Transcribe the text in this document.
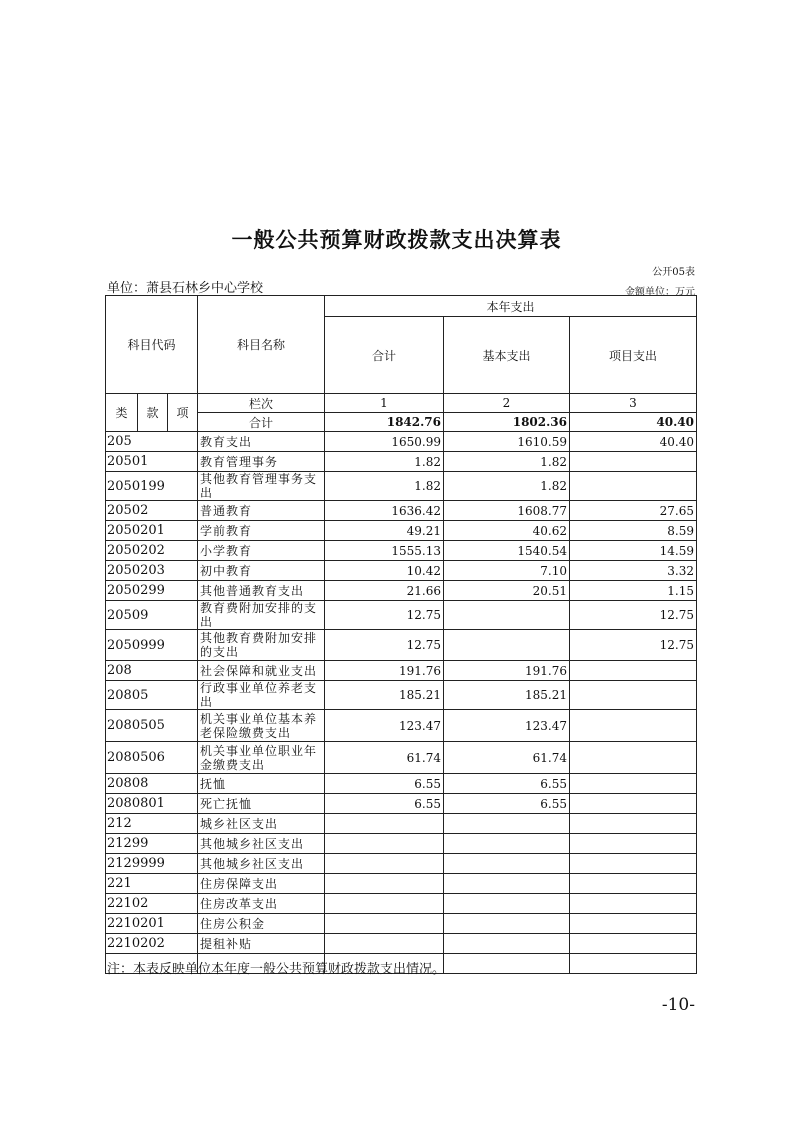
一般公共预算财政拨款支出决算表
公开05表
单位：萧县石林乡中心学校	金额单位：万元
科目代码			科目名称	本年支出		
				合计	基本支出	项目支出
类	款	项	栏次	1	2	3
			合计	1842.76	1802.36	40.40
205			教育支出	1650.99	1610.59	40.40
20501			教育管理事务	1.82	1.82	
2050199			其他教育管理事务支出	1.82	1.82	
20502			普通教育	1636.42	1608.77	27.65
2050201			学前教育	49.21	40.62	8.59
2050202			小学教育	1555.13	1540.54	14.59
2050203			初中教育	10.42	7.10	3.32
2050299			其他普通教育支出	21.66	20.51	1.15
20509			教育费附加安排的支出	12.75		12.75
2050999			其他教育费附加安排的支出	12.75		12.75
208			社会保障和就业支出	191.76	191.76	
20805			行政事业单位养老支出	185.21	185.21	
2080505			机关事业单位基本养老保险缴费支出	123.47	123.47	
2080506			机关事业单位职业年金缴费支出	61.74	61.74	
20808			抚恤	6.55	6.55	
2080801			死亡抚恤	6.55	6.55	
212			城乡社区支出			
21299			其他城乡社区支出			
2129999			其他城乡社区支出			
221			住房保障支出			
22102			住房改革支出			
2210201			住房公积金			
2210202			提租补贴			

注：本表反映单位本年度一般公共预算财政拨款支出情况。
-10-
